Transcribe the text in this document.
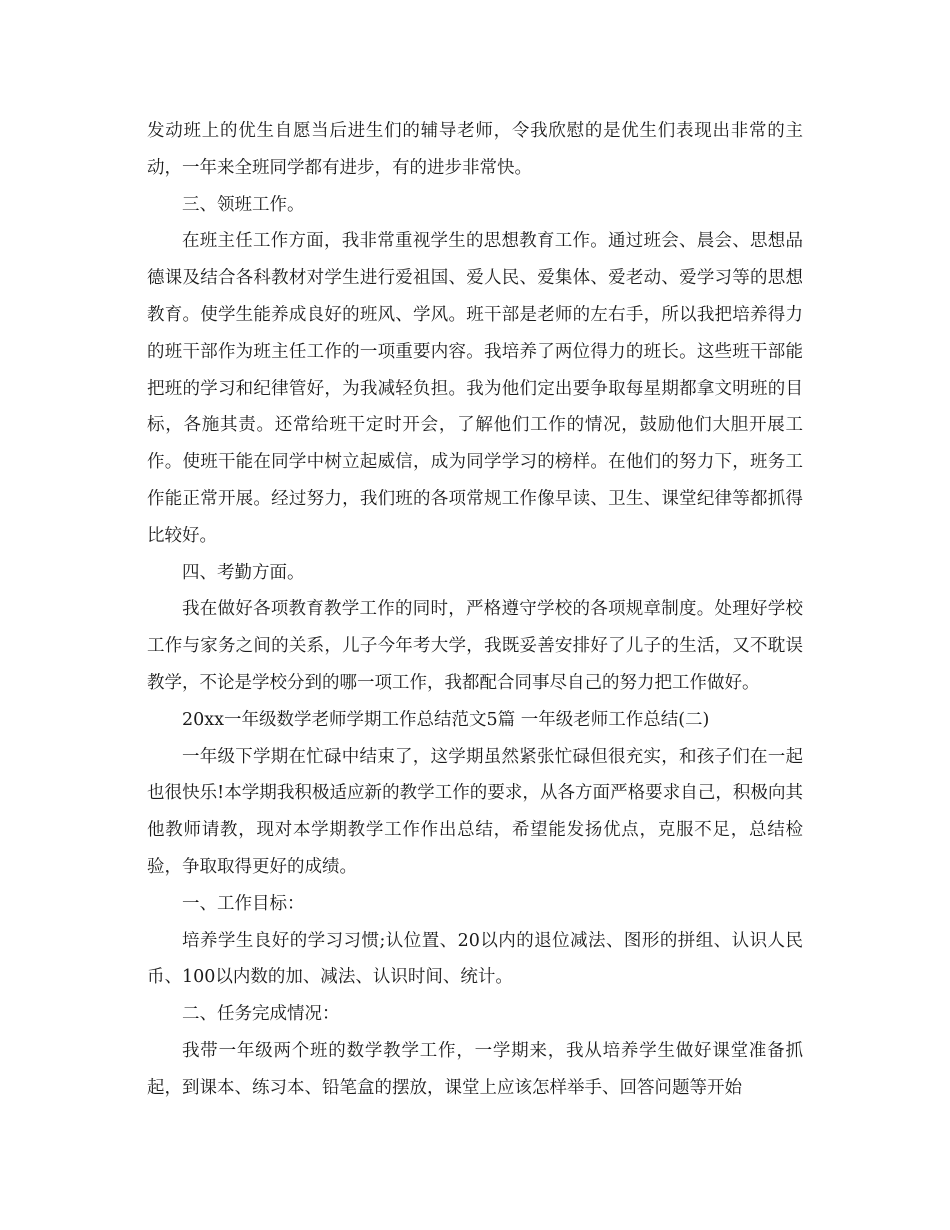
发动班上的优生自愿当后进生们的辅导老师，令我欣慰的是优生们表现出非常的主动，一年来全班同学都有进步，有的进步非常快。

三、领班工作。

在班主任工作方面，我非常重视学生的思想教育工作。通过班会、晨会、思想品德课及结合各科教材对学生进行爱祖国、爱人民、爱集体、爱老动、爱学习等的思想教育。使学生能养成良好的班风、学风。班干部是老师的左右手，所以我把培养得力的班干部作为班主任工作的一项重要内容。我培养了两位得力的班长。这些班干部能把班的学习和纪律管好，为我减轻负担。我为他们定出要争取每星期都拿文明班的目标，各施其责。还常给班干定时开会，了解他们工作的情况，鼓励他们大胆开展工作。使班干能在同学中树立起威信，成为同学学习的榜样。在他们的努力下，班务工作能正常开展。经过努力，我们班的各项常规工作像早读、卫生、课堂纪律等都抓得比较好。

四、考勤方面。

我在做好各项教育教学工作的同时，严格遵守学校的各项规章制度。处理好学校工作与家务之间的关系，儿子今年考大学，我既妥善安排好了儿子的生活，又不耽误教学，不论是学校分到的哪一项工作，我都配合同事尽自己的努力把工作做好。

20xx一年级数学老师学期工作总结范文5篇 一年级老师工作总结(二)

一年级下学期在忙碌中结束了，这学期虽然紧张忙碌但很充实，和孩子们在一起也很快乐!本学期我积极适应新的教学工作的要求，从各方面严格要求自己，积极向其他教师请教，现对本学期教学工作作出总结，希望能发扬优点，克服不足，总结检验，争取取得更好的成绩。

一、工作目标：

培养学生良好的学习习惯;认位置、20以内的退位减法、图形的拼组、认识人民币、100以内数的加、减法、认识时间、统计。

二、任务完成情况：

我带一年级两个班的数学教学工作，一学期来，我从培养学生做好课堂准备抓起，到课本、练习本、铅笔盒的摆放，课堂上应该怎样举手、回答问题等开始
